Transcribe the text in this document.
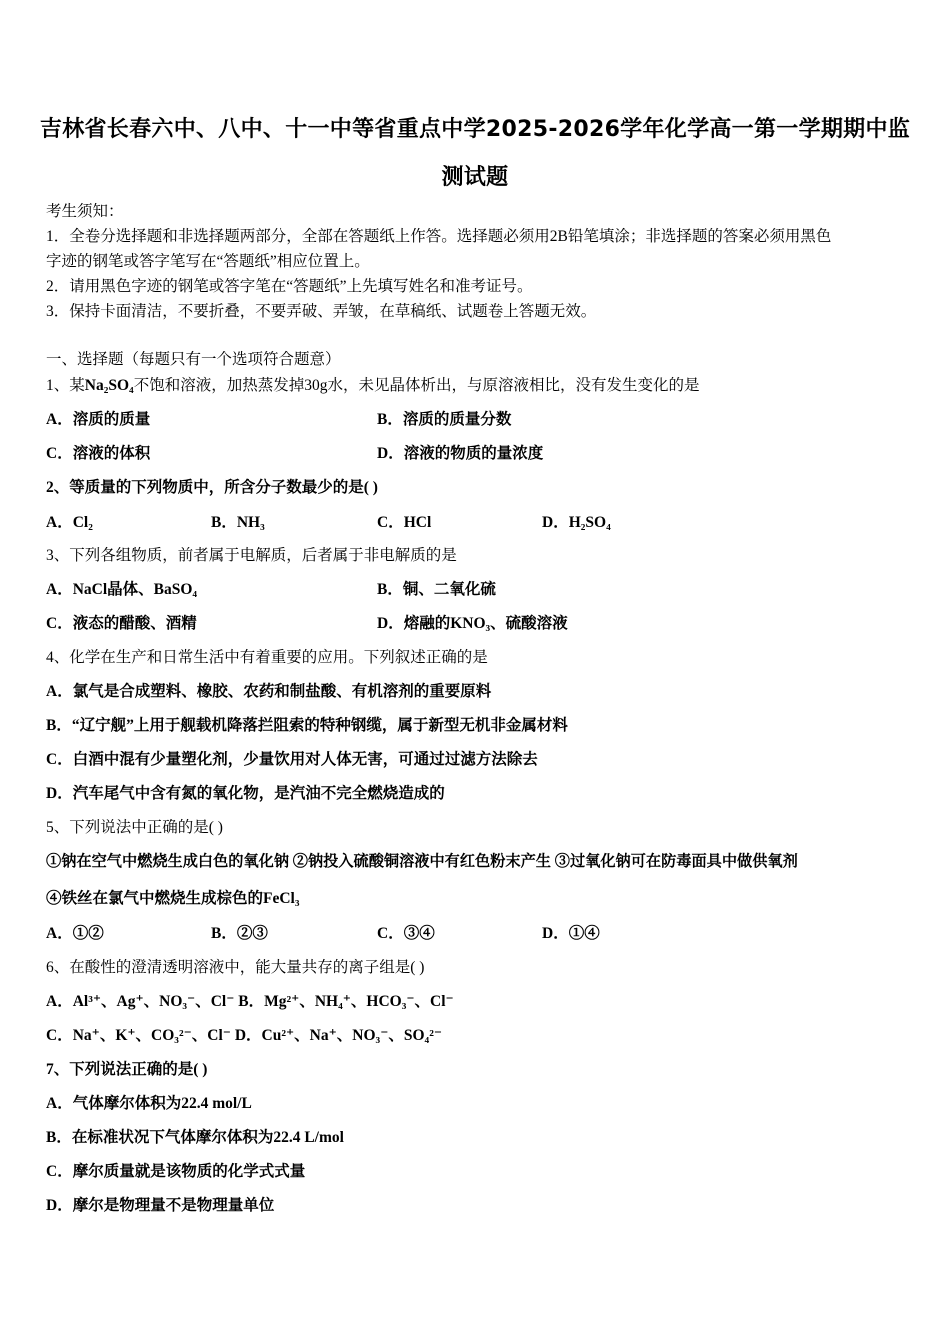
吉林省长春六中、八中、十一中等省重点中学2025-2026学年化学高一第一学期期中监
测试题
考生须知：
1．全卷分选择题和非选择题两部分，全部在答题纸上作答。选择题必须用2B铅笔填涂；非选择题的答案必须用黑色
字迹的钢笔或答字笔写在“答题纸”相应位置上。
2．请用黑色字迹的钢笔或答字笔在“答题纸”上先填写姓名和准考证号。
3．保持卡面清洁，不要折叠，不要弄破、弄皱，在草稿纸、试题卷上答题无效。
一、选择题（每题只有一个选项符合题意）
1、某Na₂SO₄不饱和溶液，加热蒸发掉30g水，未见晶体析出，与原溶液相比，没有发生变化的是
A．溶质的质量	B．溶质的质量分数
C．溶液的体积	D．溶液的物质的量浓度
2、等质量的下列物质中，所含分子数最少的是( )
A．Cl₂	B．NH₃	C．HCl	D．H₂SO₄
3、下列各组物质，前者属于电解质，后者属于非电解质的是
A．NaCl晶体、BaSO₄	B．铜、二氧化硫
C．液态的醋酸、酒精	D．熔融的KNO₃、硫酸溶液
4、化学在生产和日常生活中有着重要的应用。下列叙述正确的是
A．氯气是合成塑料、橡胶、农药和制盐酸、有机溶剂的重要原料
B．“辽宁舰”上用于舰载机降落拦阻索的特种钢缆，属于新型无机非金属材料
C．白酒中混有少量塑化剂，少量饮用对人体无害，可通过过滤方法除去
D．汽车尾气中含有氮的氧化物，是汽油不完全燃烧造成的
5、下列说法中正确的是( )
①钠在空气中燃烧生成白色的氧化钠 ②钠投入硫酸铜溶液中有红色粉末产生 ③过氧化钠可在防毒面具中做供氧剂
④铁丝在氯气中燃烧生成棕色的FeCl₃
A．①②	B．②③	C．③④	D．①④
6、在酸性的澄清透明溶液中，能大量共存的离子组是( )
A．Al³⁺、Ag⁺、NO₃⁻、Cl⁻ B．Mg²⁺、NH₄⁺、HCO₃⁻、Cl⁻
C．Na⁺、K⁺、CO₃²⁻、Cl⁻ D．Cu²⁺、Na⁺、NO₃⁻、SO₄²⁻
7、下列说法正确的是( )
A．气体摩尔体积为22.4 mol/L
B．在标准状况下气体摩尔体积为22.4 L/mol
C．摩尔质量就是该物质的化学式式量
D．摩尔是物理量不是物理量单位
